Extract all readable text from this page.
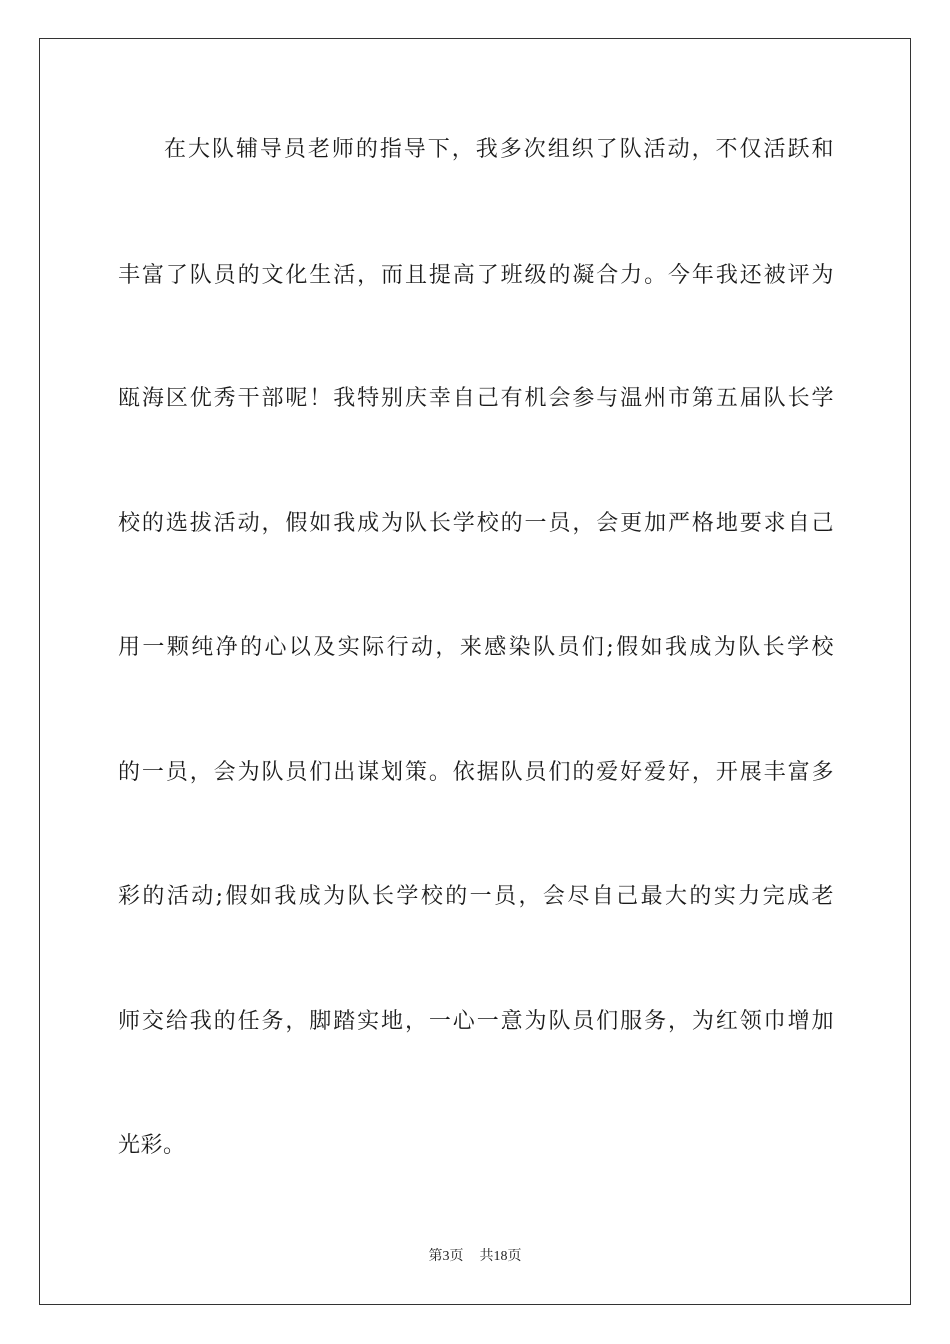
在大队辅导员老师的指导下，我多次组织了队活动，不仅活跃和
丰富了队员的文化生活，而且提高了班级的凝合力。今年我还被评为
瓯海区优秀干部呢！我特别庆幸自己有机会参与温州市第五届队长学
校的选拔活动，假如我成为队长学校的一员，会更加严格地要求自己
用一颗纯净的心以及实际行动，来感染队员们;假如我成为队长学校
的一员，会为队员们出谋划策。依据队员们的爱好爱好，开展丰富多
彩的活动;假如我成为队长学校的一员，会尽自己最大的实力完成老
师交给我的任务，脚踏实地，一心一意为队员们服务，为红领巾增加
光彩。
第3页 共18页
